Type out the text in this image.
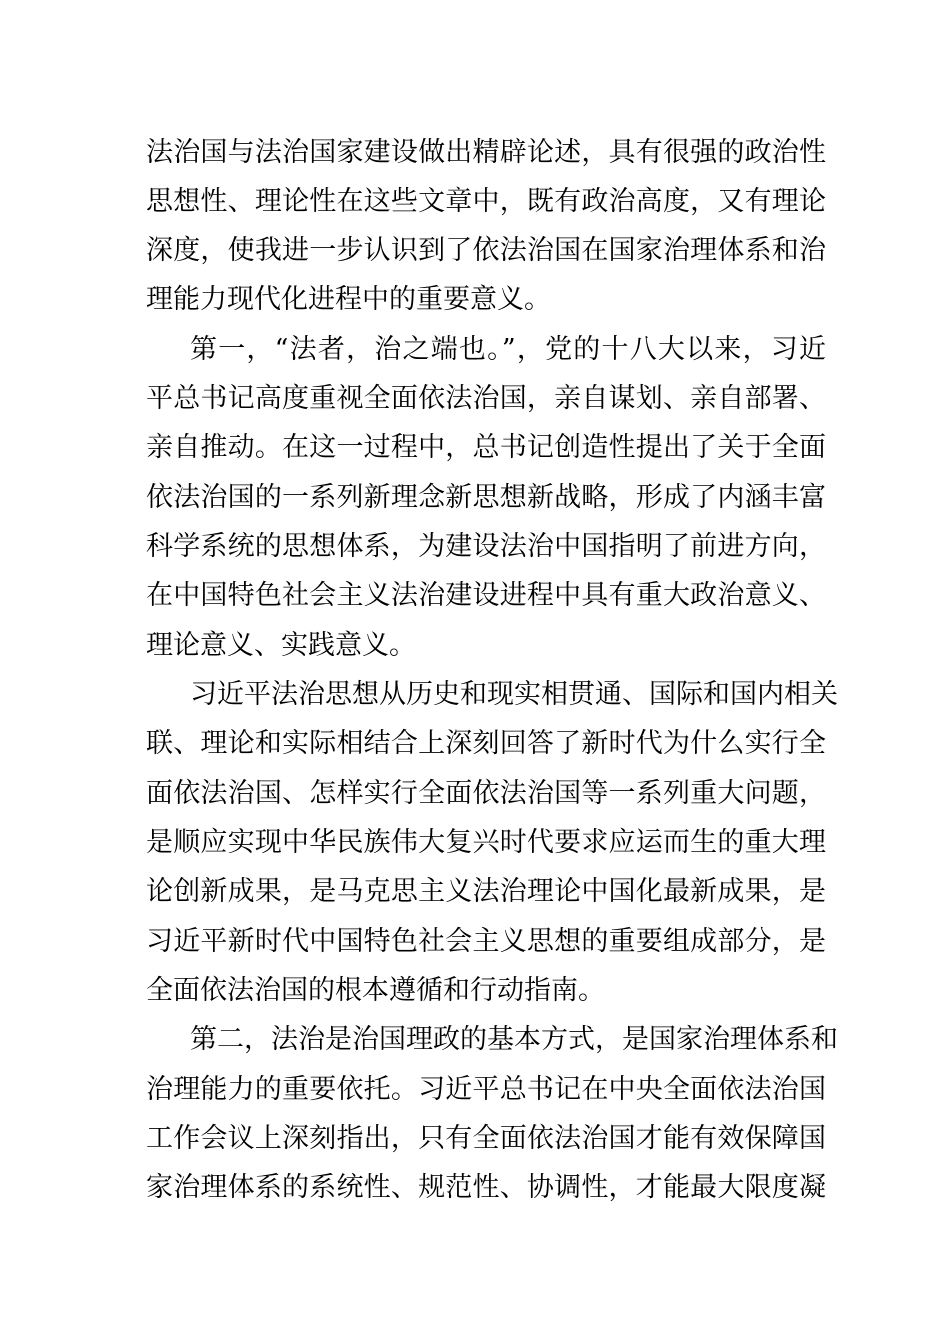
法治国与法治国家建设做出精辟论述，具有很强的政治性
思想性、理论性在这些文章中，既有政治高度，又有理论
深度，使我进一步认识到了依法治国在国家治理体系和治
理能力现代化进程中的重要意义。
第一，“法者，治之端也。”，党的十八大以来，习近
平总书记高度重视全面依法治国，亲自谋划、亲自部署、
亲自推动。在这一过程中，总书记创造性提出了关于全面
依法治国的一系列新理念新思想新战略，形成了内涵丰富
科学系统的思想体系，为建设法治中国指明了前进方向，
在中国特色社会主义法治建设进程中具有重大政治意义、
理论意义、实践意义。
习近平法治思想从历史和现实相贯通、国际和国内相关
联、理论和实际相结合上深刻回答了新时代为什么实行全
面依法治国、怎样实行全面依法治国等一系列重大问题，
是顺应实现中华民族伟大复兴时代要求应运而生的重大理
论创新成果，是马克思主义法治理论中国化最新成果，是
习近平新时代中国特色社会主义思想的重要组成部分，是
全面依法治国的根本遵循和行动指南。
第二，法治是治国理政的基本方式，是国家治理体系和
治理能力的重要依托。习近平总书记在中央全面依法治国
工作会议上深刻指出，只有全面依法治国才能有效保障国
家治理体系的系统性、规范性、协调性，才能最大限度凝
